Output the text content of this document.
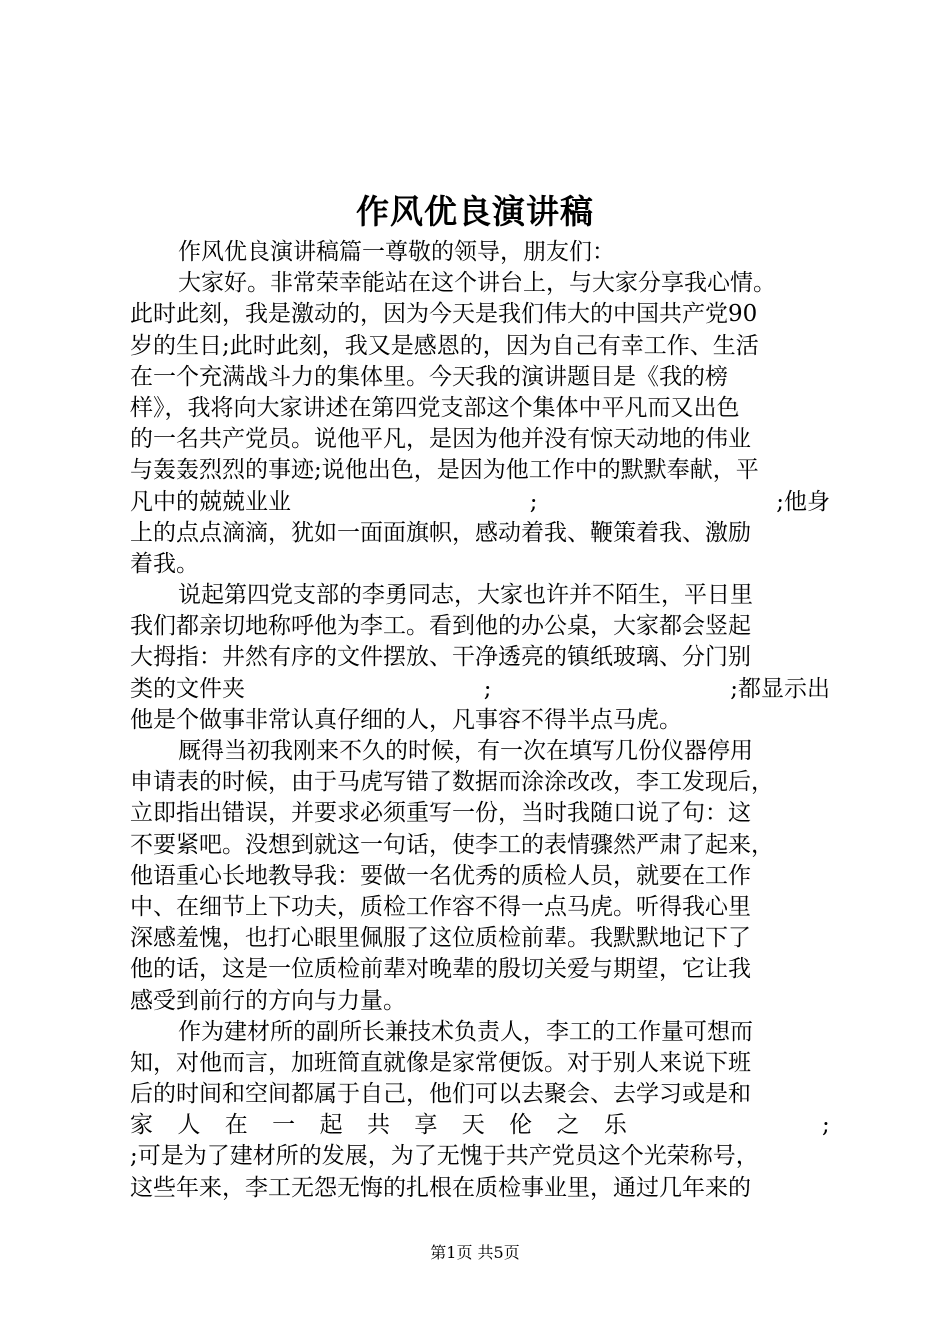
作风优良演讲稿
作风优良演讲稿篇一尊敬的领导，朋友们：
大家好。非常荣幸能站在这个讲台上，与大家分享我心情。
此时此刻，我是激动的，因为今天是我们伟大的中国共产党90
岁的生日;此时此刻，我又是感恩的，因为自己有幸工作、生活
在一个充满战斗力的集体里。今天我的演讲题目是《我的榜
样》，我将向大家讲述在第四党支部这个集体中平凡而又出色
的一名共产党员。说他平凡，是因为他并没有惊天动地的伟业
与轰轰烈烈的事迹;说他出色，是因为他工作中的默默奉献，平
凡中的兢兢业业	;	;他身
上的点点滴滴，犹如一面面旗帜，感动着我、鞭策着我、激励
着我。
说起第四党支部的李勇同志，大家也许并不陌生，平日里
我们都亲切地称呼他为李工。看到他的办公桌，大家都会竖起
大拇指：井然有序的文件摆放、干净透亮的镇纸玻璃、分门别
类的文件夹	;	;都显示出
他是个做事非常认真仔细的人，凡事容不得半点马虎。
厩得当初我刚来不久的时候，有一次在填写几份仪器停用
申请表的时候，由于马虎写错了数据而涂涂改改，李工发现后，
立即指出错误，并要求必须重写一份，当时我随口说了句：这
不要紧吧。没想到就这一句话，使李工的表情骤然严肃了起来，
他语重心长地教导我：要做一名优秀的质检人员，就要在工作
中、在细节上下功夫，质检工作容不得一点马虎。听得我心里
深感羞愧，也打心眼里佩服了这位质检前辈。我默默地记下了
他的话，这是一位质检前辈对晚辈的殷切关爱与期望，它让我
感受到前行的方向与力量。
作为建材所的副所长兼技术负责人，李工的工作量可想而
知，对他而言，加班简直就像是家常便饭。对于别人来说下班
后的时间和空间都属于自己，他们可以去聚会、去学习或是和
家 人 在 一 起 共 享 天 伦 之 乐	;
;可是为了建材所的发展，为了无愧于共产党员这个光荣称号，
这些年来，李工无怨无悔的扎根在质检事业里，通过几年来的
第1页 共5页
